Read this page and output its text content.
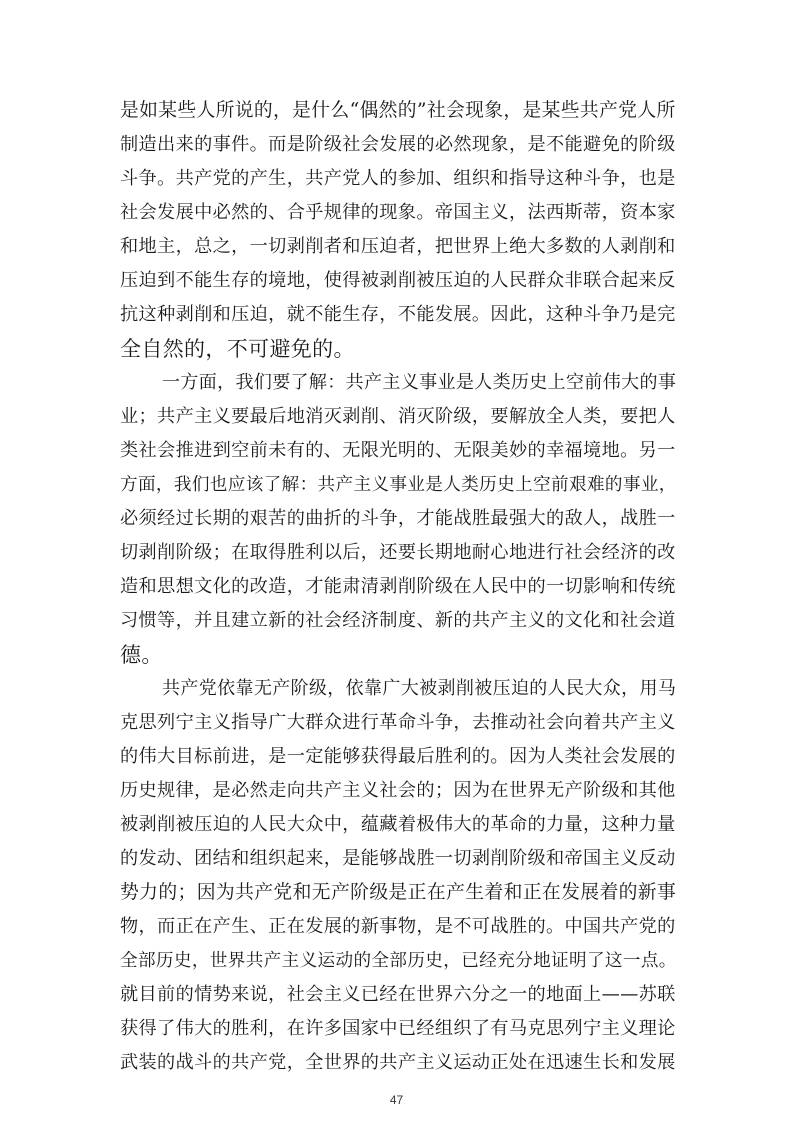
是如某些人所说的，是什么“偶然的”社会现象，是某些共产党人所
制造出来的事件。而是阶级社会发展的必然现象，是不能避免的阶级
斗争。共产党的产生，共产党人的参加、组织和指导这种斗争，也是
社会发展中必然的、合乎规律的现象。帝国主义，法西斯蒂，资本家
和地主，总之，一切剥削者和压迫者，把世界上绝大多数的人剥削和
压迫到不能生存的境地，使得被剥削被压迫的人民群众非联合起来反
抗这种剥削和压迫，就不能生存，不能发展。因此，这种斗争乃是完
全自然的，不可避免的。
一方面，我们要了解：共产主义事业是人类历史上空前伟大的事
业；共产主义要最后地消灭剥削、消灭阶级，要解放全人类，要把人
类社会推进到空前未有的、无限光明的、无限美妙的幸福境地。另一
方面，我们也应该了解：共产主义事业是人类历史上空前艰难的事业，
必须经过长期的艰苦的曲折的斗争，才能战胜最强大的敌人，战胜一
切剥削阶级；在取得胜利以后，还要长期地耐心地进行社会经济的改
造和思想文化的改造，才能肃清剥削阶级在人民中的一切影响和传统
习惯等，并且建立新的社会经济制度、新的共产主义的文化和社会道
德。
共产党依靠无产阶级，依靠广大被剥削被压迫的人民大众，用马
克思列宁主义指导广大群众进行革命斗争，去推动社会向着共产主义
的伟大目标前进，是一定能够获得最后胜利的。因为人类社会发展的
历史规律，是必然走向共产主义社会的；因为在世界无产阶级和其他
被剥削被压迫的人民大众中，蕴藏着极伟大的革命的力量，这种力量
的发动、团结和组织起来，是能够战胜一切剥削阶级和帝国主义反动
势力的；因为共产党和无产阶级是正在产生着和正在发展着的新事
物，而正在产生、正在发展的新事物，是不可战胜的。中国共产党的
全部历史，世界共产主义运动的全部历史，已经充分地证明了这一点。
就目前的情势来说，社会主义已经在世界六分之一的地面上——苏联
获得了伟大的胜利，在许多国家中已经组织了有马克思列宁主义理论
武装的战斗的共产党，全世界的共产主义运动正处在迅速生长和发展
47
